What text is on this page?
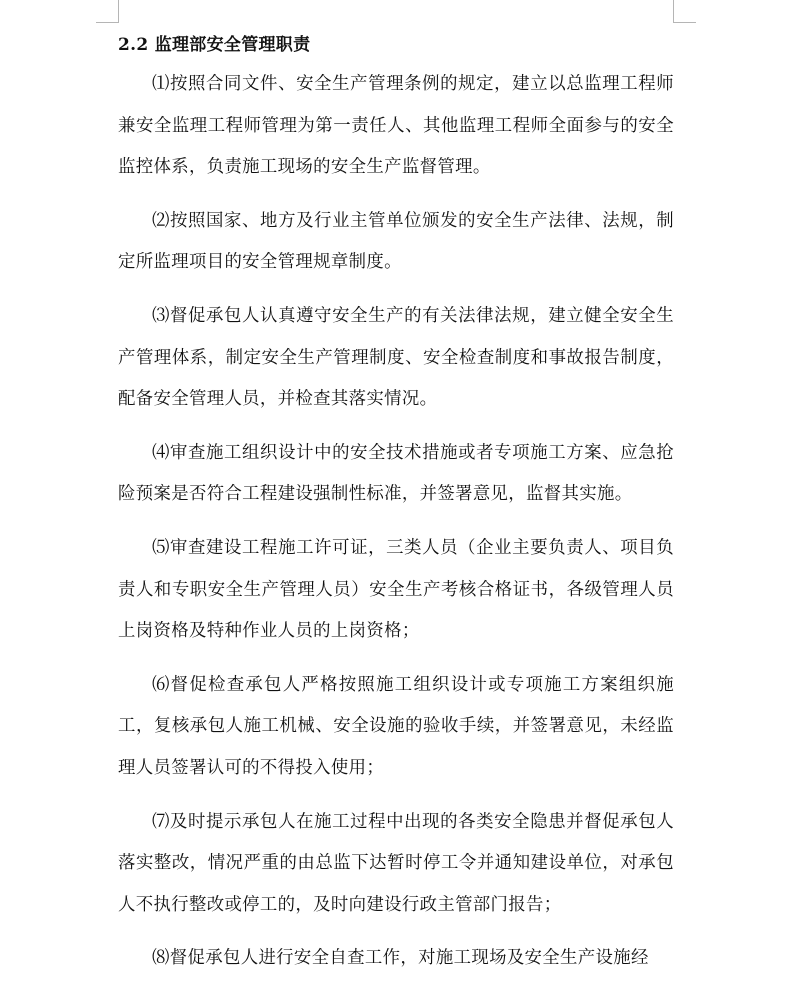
2.2 监理部安全管理职责

⑴按照合同文件、安全生产管理条例的规定，建立以总监理工程师兼安全监理工程师管理为第一责任人、其他监理工程师全面参与的安全监控体系，负责施工现场的安全生产监督管理。

⑵按照国家、地方及行业主管单位颁发的安全生产法律、法规，制定所监理项目的安全管理规章制度。

⑶督促承包人认真遵守安全生产的有关法律法规，建立健全安全生产管理体系，制定安全生产管理制度、安全检查制度和事故报告制度，配备安全管理人员，并检查其落实情况。

⑷审查施工组织设计中的安全技术措施或者专项施工方案、应急抢险预案是否符合工程建设强制性标准，并签署意见，监督其实施。

⑸审查建设工程施工许可证，三类人员（企业主要负责人、项目负责人和专职安全生产管理人员）安全生产考核合格证书，各级管理人员上岗资格及特种作业人员的上岗资格；

⑹督促检查承包人严格按照施工组织设计或专项施工方案组织施工，复核承包人施工机械、安全设施的验收手续，并签署意见，未经监理人员签署认可的不得投入使用；

⑺及时提示承包人在施工过程中出现的各类安全隐患并督促承包人落实整改，情况严重的由总监下达暂时停工令并通知建设单位，对承包人不执行整改或停工的，及时向建设行政主管部门报告；

⑻督促承包人进行安全自查工作，对施工现场及安全生产设施经
